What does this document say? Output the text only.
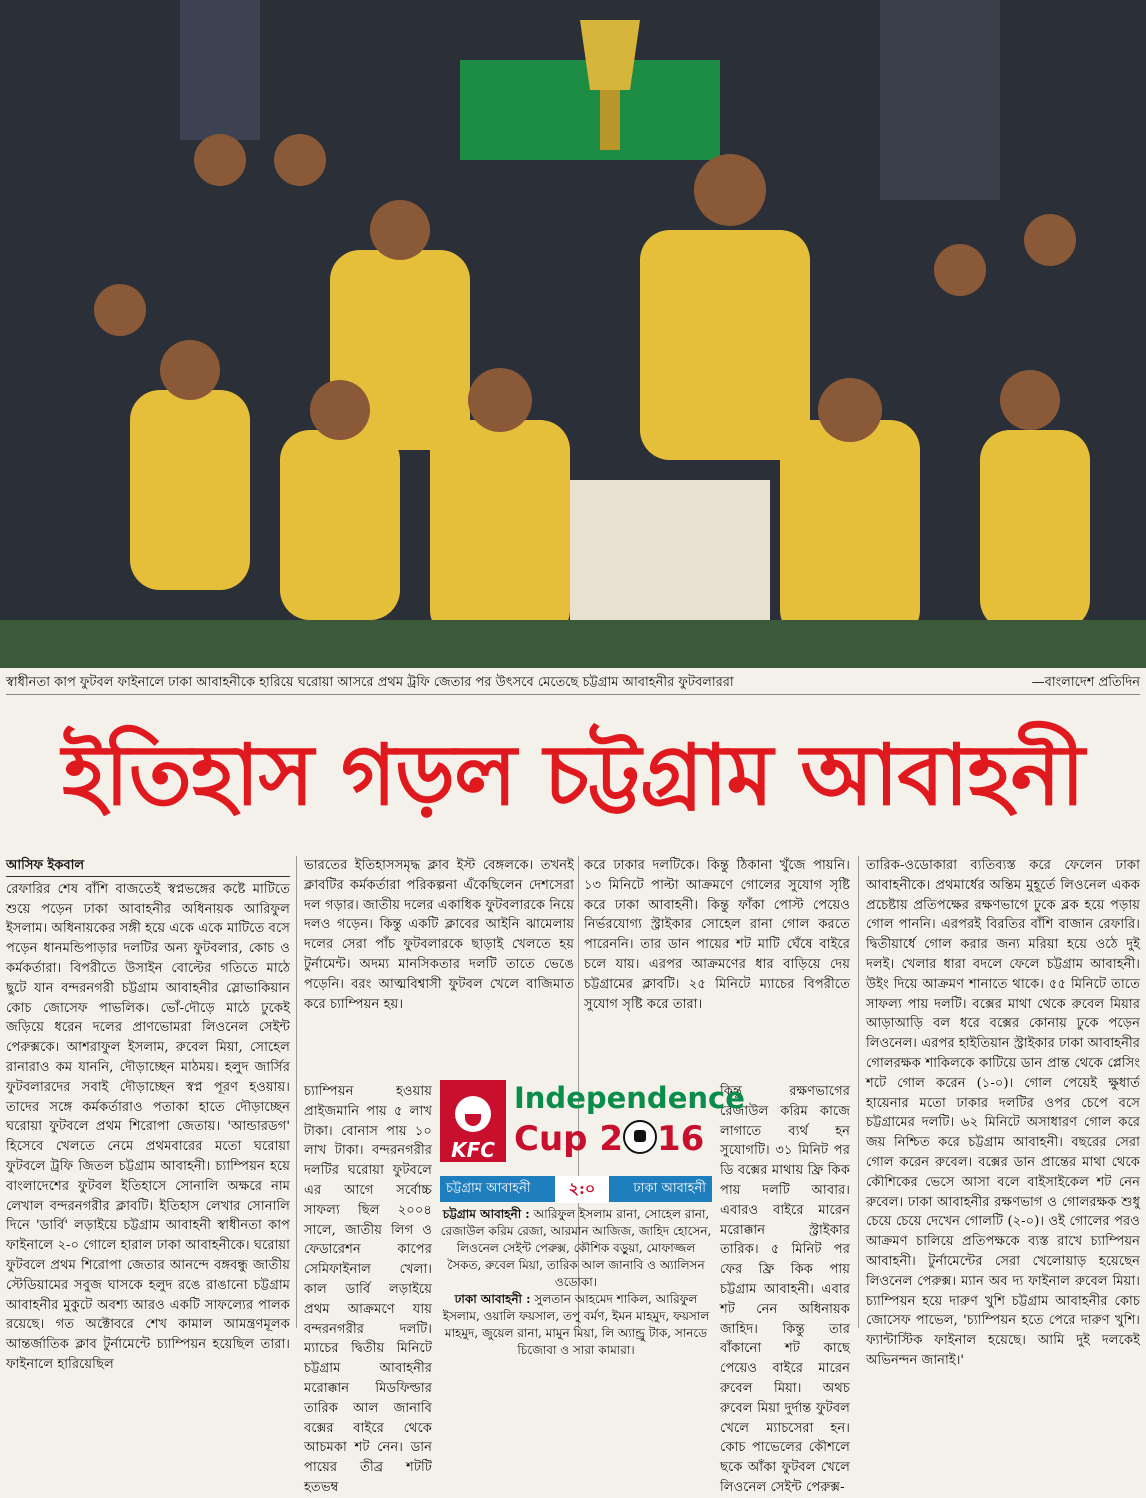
স্বাধীনতা কাপ ফুটবল ফাইনালে ঢাকা আবাহনীকে হারিয়ে ঘরোয়া আসরে প্রথম ট্রফি জেতার পর উৎসবে মেতেছে চট্টগ্রাম আবাহনীর ফুটবলাররা	—বাংলাদেশ প্রতিদিন
ইতিহাস গড়ল চট্টগ্রাম আবাহনী
আসিফ ইকবাল

রেফারির শেষ বাঁশি বাজতেই স্বপ্নভঙ্গের কষ্টে মাটিতে শুয়ে পড়েন ঢাকা আবাহনীর অধিনায়ক আরিফুল ইসলাম। অধিনায়কের সঙ্গী হয়ে একে একে মাটিতে বসে পড়েন ধানমন্ডিপাড়ার দলটির অন্য ফুটবলার, কোচ ও কর্মকর্তারা। বিপরীতে উসাইন বোল্টের গতিতে মাঠে ছুটে যান বন্দরনগরী চট্টগ্রাম আবাহনীর স্লোভাকিয়ান কোচ জোসেফ পাভলিক। ভোঁ-দৌড়ে মাঠে ঢুকেই জড়িয়ে ধরেন দলের প্রাণভোমরা লিওনেল সেইন্ট পেরুক্সকে। আশরাফুল ইসলাম, রুবেল মিয়া, সোহেল রানারাও কম যাননি, দৌড়াচ্ছেন মাঠময়। হলুদ জার্সির ফুটবলারদের সবাই দৌড়াচ্ছেন স্বপ্ন পূরণ হওয়ায়। তাদের সঙ্গে কর্মকর্তারাও পতাকা হাতে দৌড়াচ্ছেন ঘরোয়া ফুটবলে প্রথম শিরোপা জেতায়। 'আন্ডারডগ' হিসেবে খেলতে নেমে প্রথমবারের মতো ঘরোয়া ফুটবলে ট্রফি জিতল চট্টগ্রাম আবাহনী। চ্যাম্পিয়ন হয়ে বাংলাদেশের ফুটবল ইতিহাসে সোনালি অক্ষরে নাম লেখাল বন্দরনগরীর ক্লাবটি। ইতিহাস লেখার সোনালি দিনে 'ডার্বি' লড়াইয়ে চট্টগ্রাম আবাহনী স্বাধীনতা কাপ ফাইনালে ২-০ গোলে হারাল ঢাকা আবাহনীকে। ঘরোয়া ফুটবলে প্রথম শিরোপা জেতার আনন্দে বঙ্গবন্ধু জাতীয় স্টেডিয়ামের সবুজ ঘাসকে হলুদ রঙে রাঙানো চট্টগ্রাম আবাহনীর মুকুটে অবশ্য আরও একটি সাফল্যের পালক রয়েছে। গত অক্টোবরে শেখ কামাল আমন্ত্রণমূলক আন্তর্জাতিক ক্লাব টুর্নামেন্টে চ্যাম্পিয়ন হয়েছিল তারা। ফাইনালে হারিয়েছিল

ভারতের ইতিহাসসমৃদ্ধ ক্লাব ইস্ট বেঙ্গলকে। তখনই ক্লাবটির কর্মকর্তারা পরিকল্পনা এঁকেছিলেন দেশসেরা দল গড়ার। জাতীয় দলের একাধিক ফুটবলারকে নিয়ে দলও গড়েন। কিন্তু একটি ক্লাবের আইনি ঝামেলায় দলের সেরা পাঁচ ফুটবলারকে ছাড়াই খেলতে হয় টুর্নামেন্ট। অদম্য মানসিকতার দলটি তাতে ভেঙে পড়েনি। বরং আত্মবিশ্বাসী ফুটবল খেলে বাজিমাত করে চ্যাম্পিয়ন হয়।

করে ঢাকার দলটিকে। কিন্তু ঠিকানা খুঁজে পায়নি। ১৩ মিনিটে পাল্টা আক্রমণে গোলের সুযোগ সৃষ্টি করে ঢাকা আবাহনী। কিন্তু ফাঁকা পোস্ট পেয়েও নির্ভরযোগ্য স্ট্রাইকার সোহেল রানা গোল করতে পারেননি। তার ডান পায়ের শট মাটি ঘেঁষে বাইরে চলে যায়। এরপর আক্রমণের ধার বাড়িয়ে দেয় চট্টগ্রামের ক্লাবটি। ২৫ মিনিটে ম্যাচের বিপরীতে সুযোগ সৃষ্টি করে তারা।

তারিক-ওডোকারা ব্যতিব্যস্ত করে ফেলেন ঢাকা আবাহনীকে। প্রথমার্ধের অন্তিম মুহূর্তে লিওনেল একক প্রচেষ্টায় প্রতিপক্ষের রক্ষণভাগে ঢুকে ব্লক হয়ে পড়ায় গোল পাননি। এরপরই বিরতির বাঁশি বাজান রেফারি। দ্বিতীয়ার্ধে গোল করার জন্য মরিয়া হয়ে ওঠে দুই দলই। খেলার ধারা বদলে ফেলে চট্টগ্রাম আবাহনী। উইং দিয়ে আক্রমণ শানাতে থাকে। ৫৫ মিনিটে তাতে সাফল্য পায় দলটি। বক্সের মাথা থেকে রুবেল মিয়ার আড়াআড়ি বল ধরে বক্সের কোনায় ঢুকে পড়েন লিওনেল। এরপর হাইতিয়ান স্ট্রাইকার ঢাকা আবাহনীর গোলরক্ষক শাকিলকে কাটিয়ে ডান প্রান্ত থেকে প্লেসিং শটে গোল করেন (১-০)। গোল পেয়েই ক্ষুধার্ত হায়েনার মতো ঢাকার দলটির ওপর চেপে বসে চট্টগ্রামের দলটি। ৬২ মিনিটে অসাধারণ গোল করে জয় নিশ্চিত করে চট্টগ্রাম আবাহনী। বছরের সেরা গোল করেন রুবেল। বক্সের ডান প্রান্তের মাথা থেকে কৌশিকের ভেসে আসা বলে বাইসাইকেল শট নেন রুবেল। ঢাকা আবাহনীর রক্ষণভাগ ও গোলরক্ষক শুধু চেয়ে চেয়ে দেখেন গোলটি (২-০)। ওই গোলের পরও আক্রমণ চালিয়ে প্রতিপক্ষকে ব্যস্ত রাখে চ্যাম্পিয়ন আবাহনী। টুর্নামেন্টের সেরা খেলোয়াড় হয়েছেন লিওনেল পেরুক্স। ম্যান অব দ্য ফাইনাল রুবেল মিয়া। চ্যাম্পিয়ন হয়ে দারুণ খুশি চট্টগ্রাম আবাহনীর কোচ জোসেফ পাভেল, 'চ্যাম্পিয়ন হতে পেরে দারুণ খুশি। ফ্যান্টাস্টিক ফাইনাল হয়েছে। আমি দুই দলকেই অভিনন্দন জানাই।'

চ্যাম্পিয়ন হওয়ায় প্রাইজমানি পায় ৫ লাখ টাকা। বোনাস পায় ১০ লাখ টাকা। বন্দরনগরীর দলটির ঘরোয়া ফুটবলে এর আগে সর্বোচ্চ সাফল্য ছিল ২০০৪ সালে, জাতীয় লিগ ও ফেডারেশন কাপের সেমিফাইনাল খেলা। কাল ডার্বি লড়াইয়ে প্রথম আক্রমণে যায় বন্দরনগরীর দলটি। ম্যাচের দ্বিতীয় মিনিটে চট্টগ্রাম আবাহনীর মরোক্কান মিডফিল্ডার তারিক আল জানাবি বক্সের বাইরে থেকে আচমকা শট নেন। ডান পায়ের তীব্র শটটি হতভম্ব

কিন্তু রক্ষণভাগের রেজাউল করিম কাজে লাগাতে ব্যর্থ হন সুযোগটি। ৩১ মিনিট পর ডি বক্সের মাথায় ফ্রি কিক পায় দলটি আবার। এবারও বাইরে মারেন মরোক্কান স্ট্রাইকার তারিক। ৫ মিনিট পর ফের ফ্রি কিক পায় চট্টগ্রাম আবাহনী। এবার শট নেন অধিনায়ক জাহিদ। কিন্তু তার বাঁকানো শট কাছে পেয়েও বাইরে মারেন রুবেল মিয়া। অথচ রুবেল মিয়া দুর্দান্ত ফুটবল খেলে ম্যাচসেরা হন। কোচ পাভেলের কৌশলে ছকে আঁকা ফুটবল খেলে লিওনেল সেইন্ট পেরুক্স-

KFC
Independence
Cup 2 16
চট্টগ্রাম আবাহনী	২:০	ঢাকা আবাহনী

চট্টগ্রাম আবাহনী : আরিফুল ইসলাম রানা, সোহেল রানা, রেজাউল করিম রেজা, আরমান আজিজ, জাহিদ হোসেন, লিওনেল সেইন্ট পেরুক্স, কৌশিক বড়ুয়া, মোফাজ্জল সৈকত, রুবেল মিয়া, তারিক আল জানাবি ও অ্যালিসন ওডোকা।

ঢাকা আবাহনী : সুলতান আহমেদ শাকিল, আরিফুল ইসলাম, ওয়ালি ফয়সাল, তপু বর্মণ, ইমন মাহমুদ, ফয়সাল মাহমুদ, জুয়েল রানা, মামুন মিয়া, লি অ্যান্ড্রু টাক, সানডে চিজোবা ও সারা কামারা।
